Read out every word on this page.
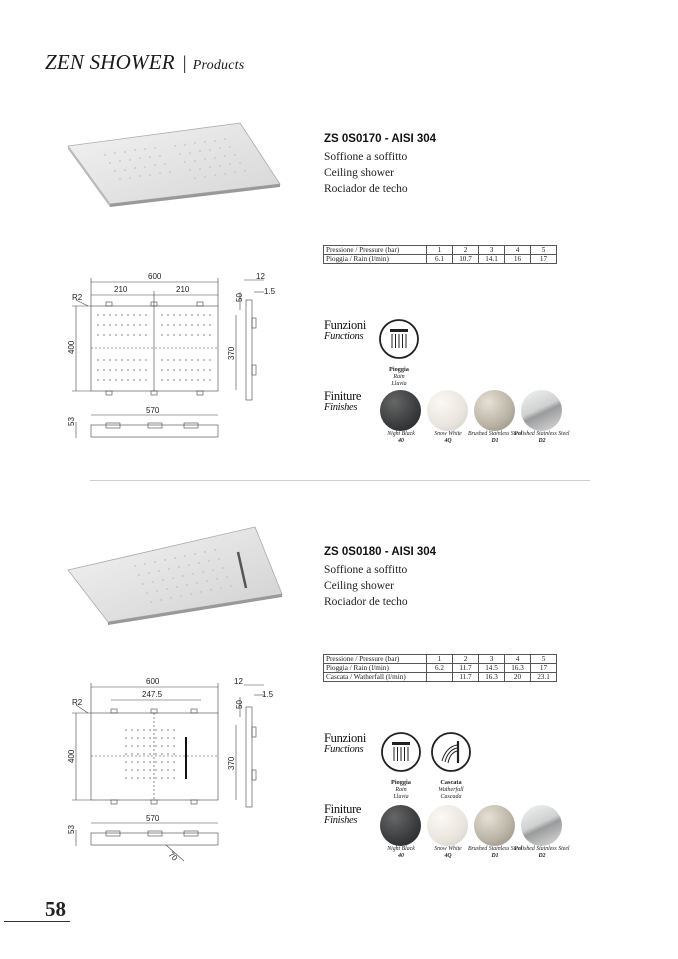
ZEN SHOWER | Products
ZS 0S0170 - AISI 304
Soffione a soffitto
Ceiling shower
Rociador de techo
Pressione / Pressure (bar)	1	2	3	4	5
Pioggia / Rain (l/min)	6.1	10.7	14.1	16	17
600
210	210
R2
400
12
1.5
50
370
570
53
Funzioni
Functions
Pioggia
Rain
Lluvia
Finiture
Finishes
Night Black
40
Snow White
4Q
Brushed Stainless Steel
D1
Polished Stainless Steel
D2
ZS 0S0180 - AISI 304
Soffione a soffitto
Ceiling shower
Rociador de techo
Pressione / Pressure (bar)	1	2	3	4	5
Pioggia / Rain (l/min)	6.2	11.7	14.5	16.3	17
Cascata / Watherfall (l/min)		11.7	16.3	20	23.1
600
247.5
R2
400
12
1.5
50
370
570
53
70
Funzioni
Functions
Pioggia
Rain
Lluvia
Cascata
Watherfall
Cascada
Finiture
Finishes
Night Black
40
Snow White
4Q
Brushed Stainless Steel
D1
Polished Stainless Steel
D2
58
